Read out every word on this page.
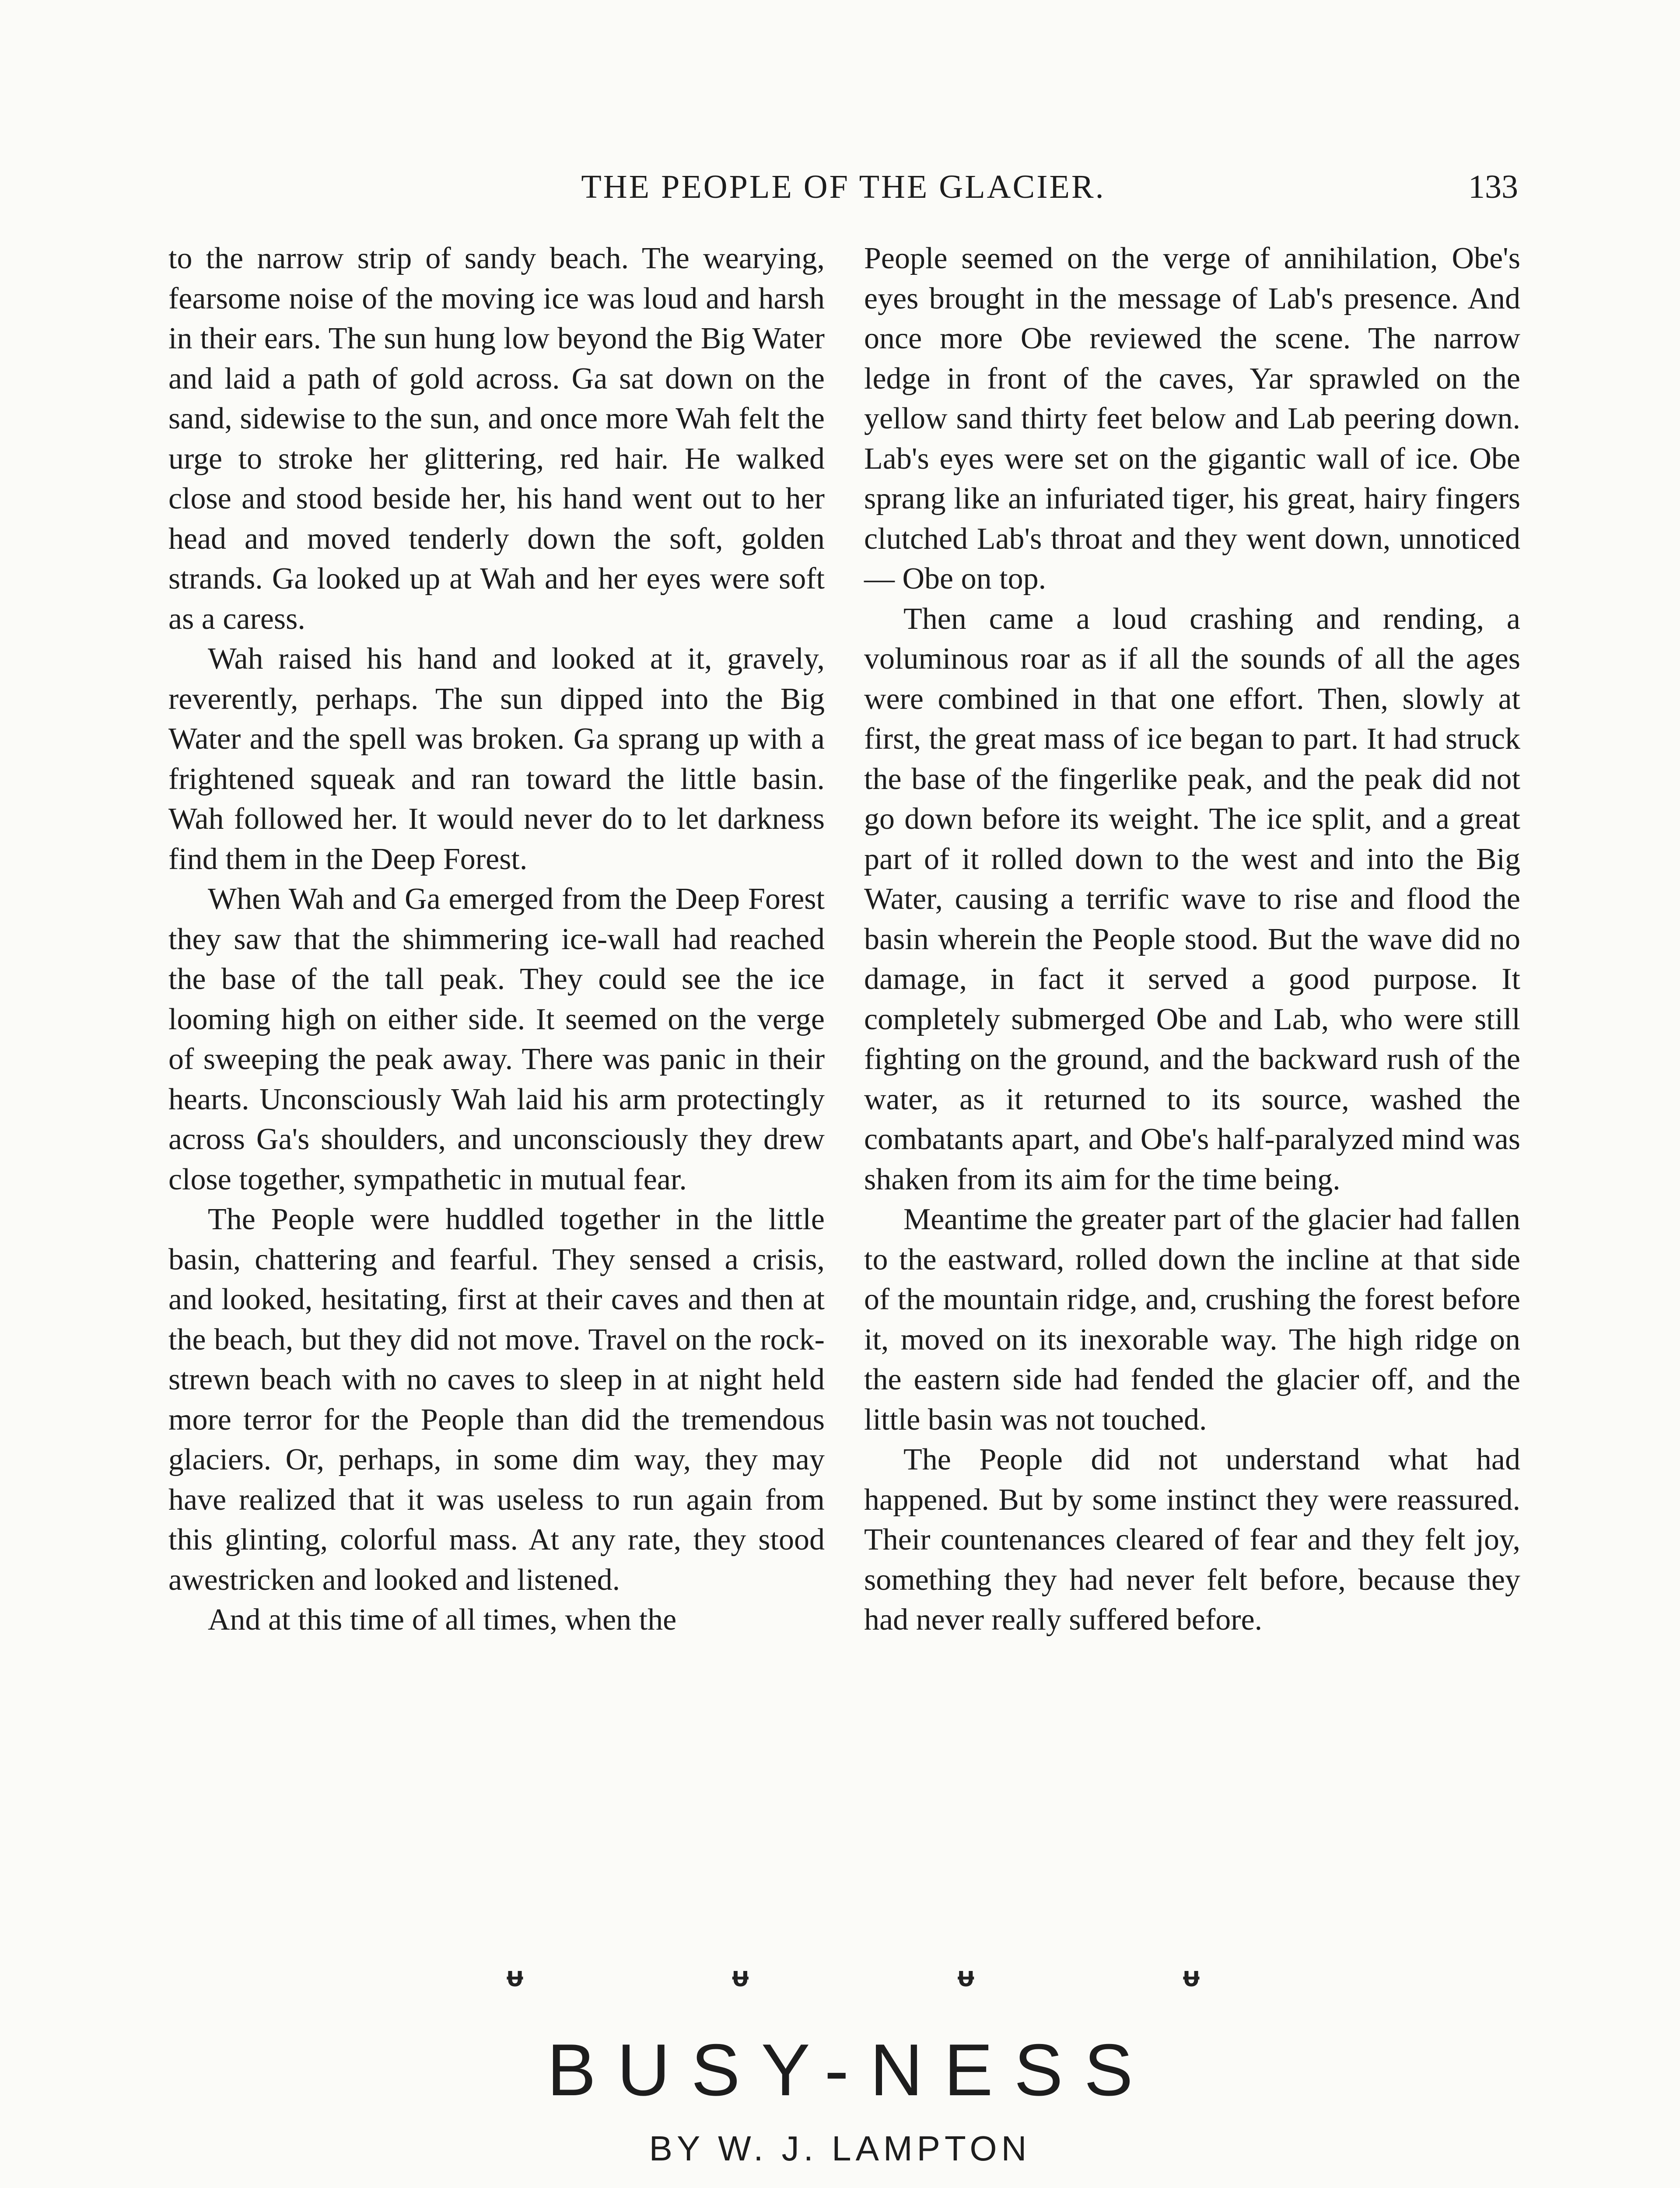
THE PEOPLE OF THE GLACIER.	133

to the narrow strip of sandy beach. The wearying, fearsome noise of the moving ice was loud and harsh in their ears. The sun hung low beyond the Big Water and laid a path of gold across. Ga sat down on the sand, sidewise to the sun, and once more Wah felt the urge to stroke her glittering, red hair. He walked close and stood beside her, his hand went out to her head and moved tenderly down the soft, golden strands. Ga looked up at Wah and her eyes were soft as a caress.

Wah raised his hand and looked at it, gravely, reverently, perhaps. The sun dipped into the Big Water and the spell was broken. Ga sprang up with a frightened squeak and ran toward the little basin. Wah followed her. It would never do to let darkness find them in the Deep Forest.

When Wah and Ga emerged from the Deep Forest they saw that the shimmering ice-wall had reached the base of the tall peak. They could see the ice looming high on either side. It seemed on the verge of sweeping the peak away. There was panic in their hearts. Unconsciously Wah laid his arm protectingly across Ga's shoulders, and unconsciously they drew close together, sympathetic in mutual fear.

The People were huddled together in the little basin, chattering and fearful. They sensed a crisis, and looked, hesitating, first at their caves and then at the beach, but they did not move. Travel on the rock-strewn beach with no caves to sleep in at night held more terror for the People than did the tremendous glaciers. Or, perhaps, in some dim way, they may have realized that it was useless to run again from this glinting, colorful mass. At any rate, they stood awestricken and looked and listened.

And at this time of all times, when the

People seemed on the verge of annihilation, Obe's eyes brought in the message of Lab's presence. And once more Obe reviewed the scene. The narrow ledge in front of the caves, Yar sprawled on the yellow sand thirty feet below and Lab peering down. Lab's eyes were set on the gigantic wall of ice. Obe sprang like an infuriated tiger, his great, hairy fingers clutched Lab's throat and they went down, unnoticed— Obe on top.

Then came a loud crashing and rending, a voluminous roar as if all the sounds of all the ages were combined in that one effort. Then, slowly at first, the great mass of ice began to part. It had struck the base of the fingerlike peak, and the peak did not go down before its weight. The ice split, and a great part of it rolled down to the west and into the Big Water, causing a terrific wave to rise and flood the basin wherein the People stood. But the wave did no damage, in fact it served a good purpose. It completely submerged Obe and Lab, who were still fighting on the ground, and the backward rush of the water, as it returned to its source, washed the combatants apart, and Obe's half-paralyzed mind was shaken from its aim for the time being.

Meantime the greater part of the glacier had fallen to the eastward, rolled down the incline at that side of the mountain ridge, and, crushing the forest before it, moved on its inexorable way. The high ridge on the eastern side had fended the glacier off, and the little basin was not touched.

The People did not understand what had happened. But by some instinct they were reassured. Their countenances cleared of fear and they felt joy, something they had never felt before, because they had never really suffered before.

ᵾ	ᵾ	ᵾ	ᵾ
BUSY-NESS
BY W. J. LAMPTON
